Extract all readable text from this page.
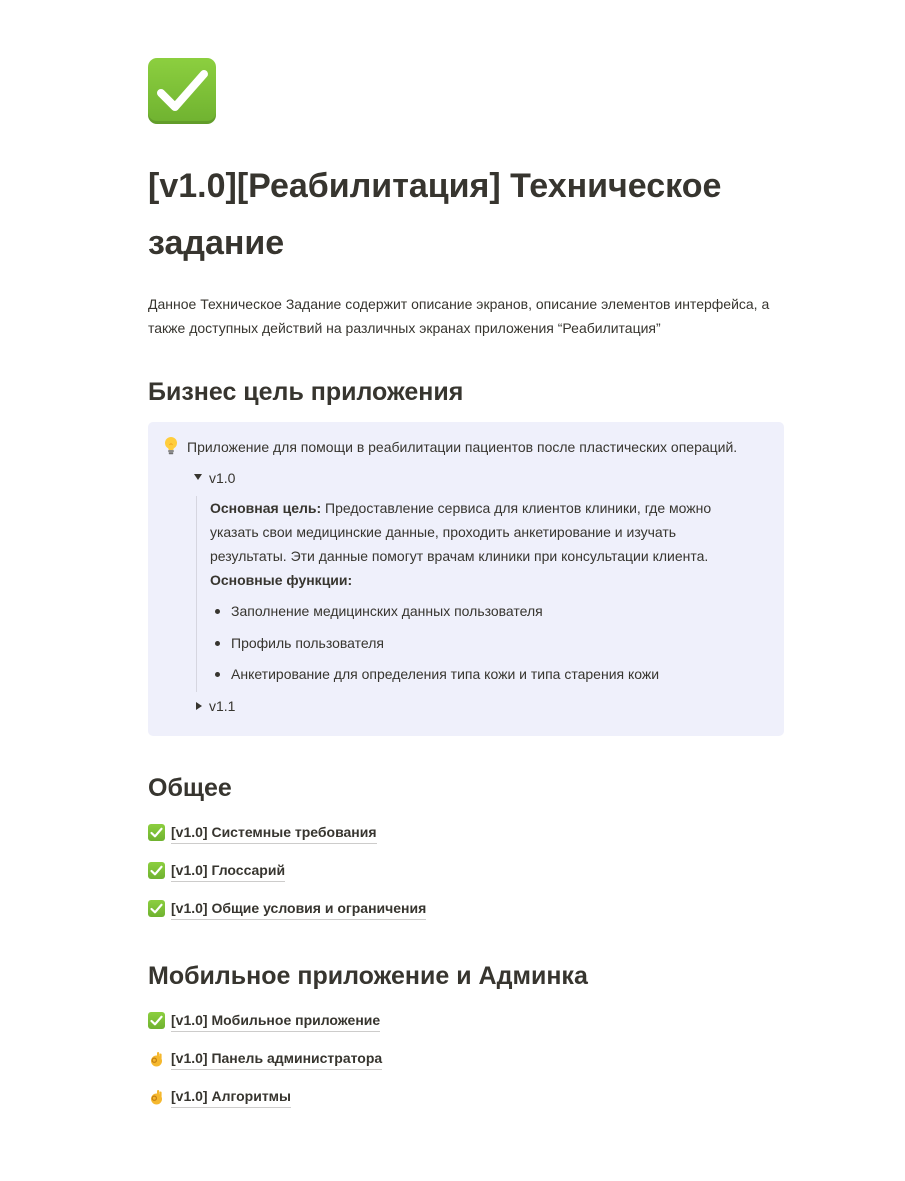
[v1.0][Реабилитация] Техническое задание

Данное Техническое Задание содержит описание экранов, описание элементов интерфейса, а также доступных действий на различных экранах приложения “Реабилитация”

Бизнес цель приложения
Приложение для помощи в реабилитации пациентов после пластических операций.
v1.0

Основная цель: Предоставление сервиса для клиентов клиники, где можно указать свои медицинские данные, проходить анкетирование и изучать результаты. Эти данные помогут врачам клиники при консультации клиента.

Основные функции:
Заполнение медицинских данных пользователя
Профиль пользователя
Анкетирование для определения типа кожи и типа старения кожи
v1.1
Общее
[v1.0] Системные требования
[v1.0] Глоссарий
[v1.0] Общие условия и ограничения
Мобильное приложение и Админка
[v1.0] Мобильное приложение
[v1.0] Панель администратора
[v1.0] Алгоритмы
